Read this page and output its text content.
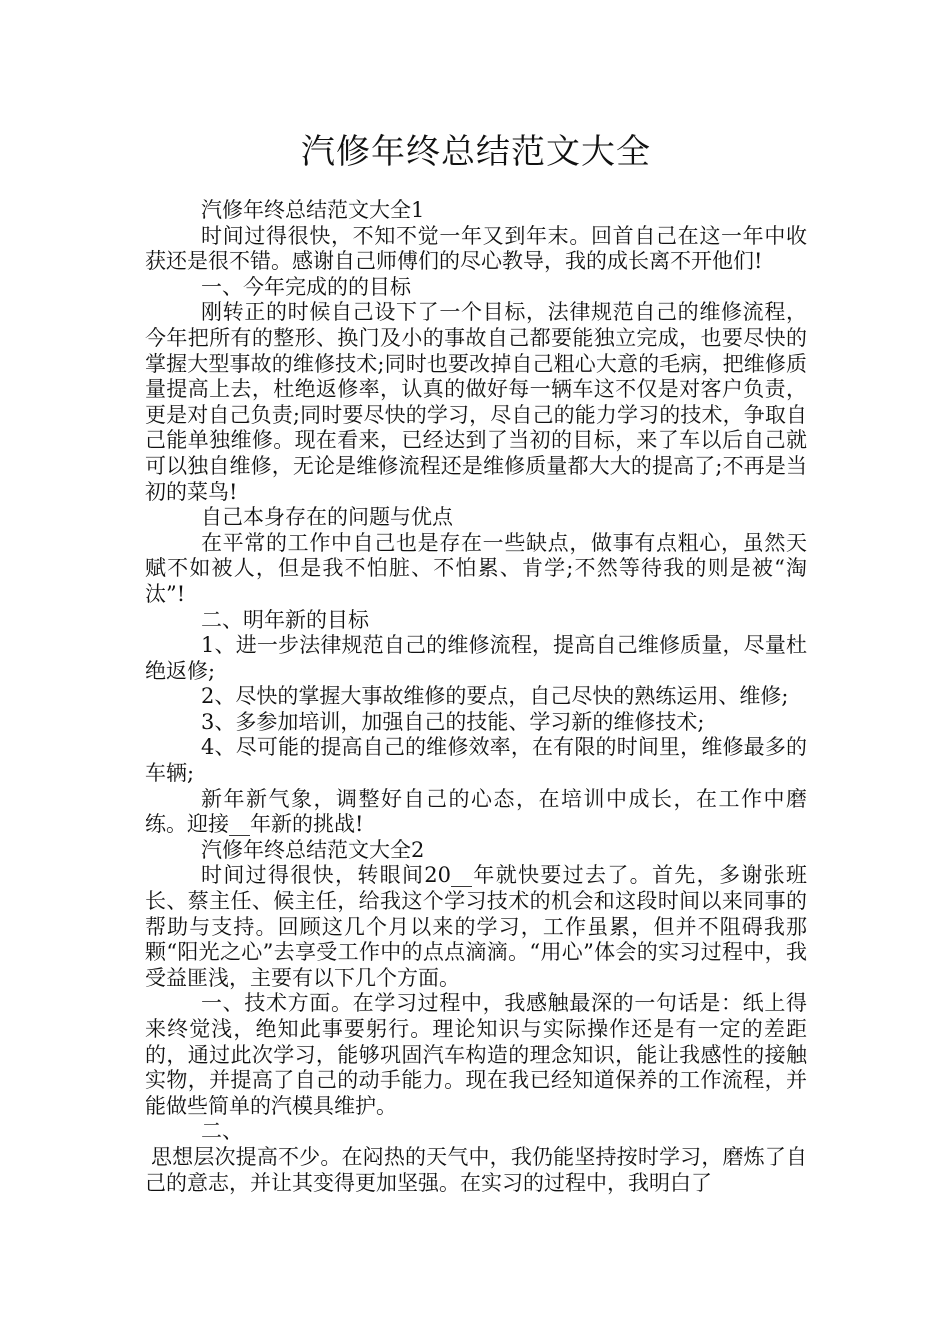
汽修年终总结范文大全

汽修年终总结范文大全1

时间过得很快，不知不觉一年又到年末。回首自己在这一年中收获还是很不错。感谢自己师傅们的尽心教导，我的成长离不开他们!

一、今年完成的的目标

刚转正的时候自己设下了一个目标，法律规范自己的维修流程，今年把所有的整形、换门及小的事故自己都要能独立完成，也要尽快的掌握大型事故的维修技术;同时也要改掉自己粗心大意的毛病，把维修质量提高上去，杜绝返修率，认真的做好每一辆车这不仅是对客户负责，更是对自己负责;同时要尽快的学习，尽自己的能力学习的技术，争取自己能单独维修。现在看来，已经达到了当初的目标，来了车以后自己就可以独自维修，无论是维修流程还是维修质量都大大的提高了;不再是当初的菜鸟!

自己本身存在的问题与优点

在平常的工作中自己也是存在一些缺点，做事有点粗心，虽然天赋不如被人，但是我不怕脏、不怕累、肯学;不然等待我的则是被“淘汰”!

二、明年新的目标

1、进一步法律规范自己的维修流程，提高自己维修质量，尽量杜绝返修;

2、尽快的掌握大事故维修的要点，自己尽快的熟练运用、维修;

3、多参加培训，加强自己的技能、学习新的维修技术;

4、尽可能的提高自己的维修效率，在有限的时间里，维修最多的车辆;

新年新气象，调整好自己的心态，在培训中成长，在工作中磨练。迎接__年新的挑战!

汽修年终总结范文大全2

时间过得很快，转眼间20__年就快要过去了。首先，多谢张班长、蔡主任、候主任，给我这个学习技术的机会和这段时间以来同事的帮助与支持。回顾这几个月以来的学习，工作虽累，但并不阻碍我那颗“阳光之心”去享受工作中的点点滴滴。“用心”体会的实习过程中，我受益匪浅，主要有以下几个方面。

一、技术方面。在学习过程中，我感触最深的一句话是：纸上得来终觉浅，绝知此事要躬行。理论知识与实际操作还是有一定的差距的，通过此次学习，能够巩固汽车构造的理念知识，能让我感性的接触实物，并提高了自己的动手能力。现在我已经知道保养的工作流程，并能做些简单的汽模具维护。

二、

思想层次提高不少。在闷热的天气中，我仍能坚持按时学习，磨炼了自己的意志，并让其变得更加坚强。在实习的过程中，我明白了
